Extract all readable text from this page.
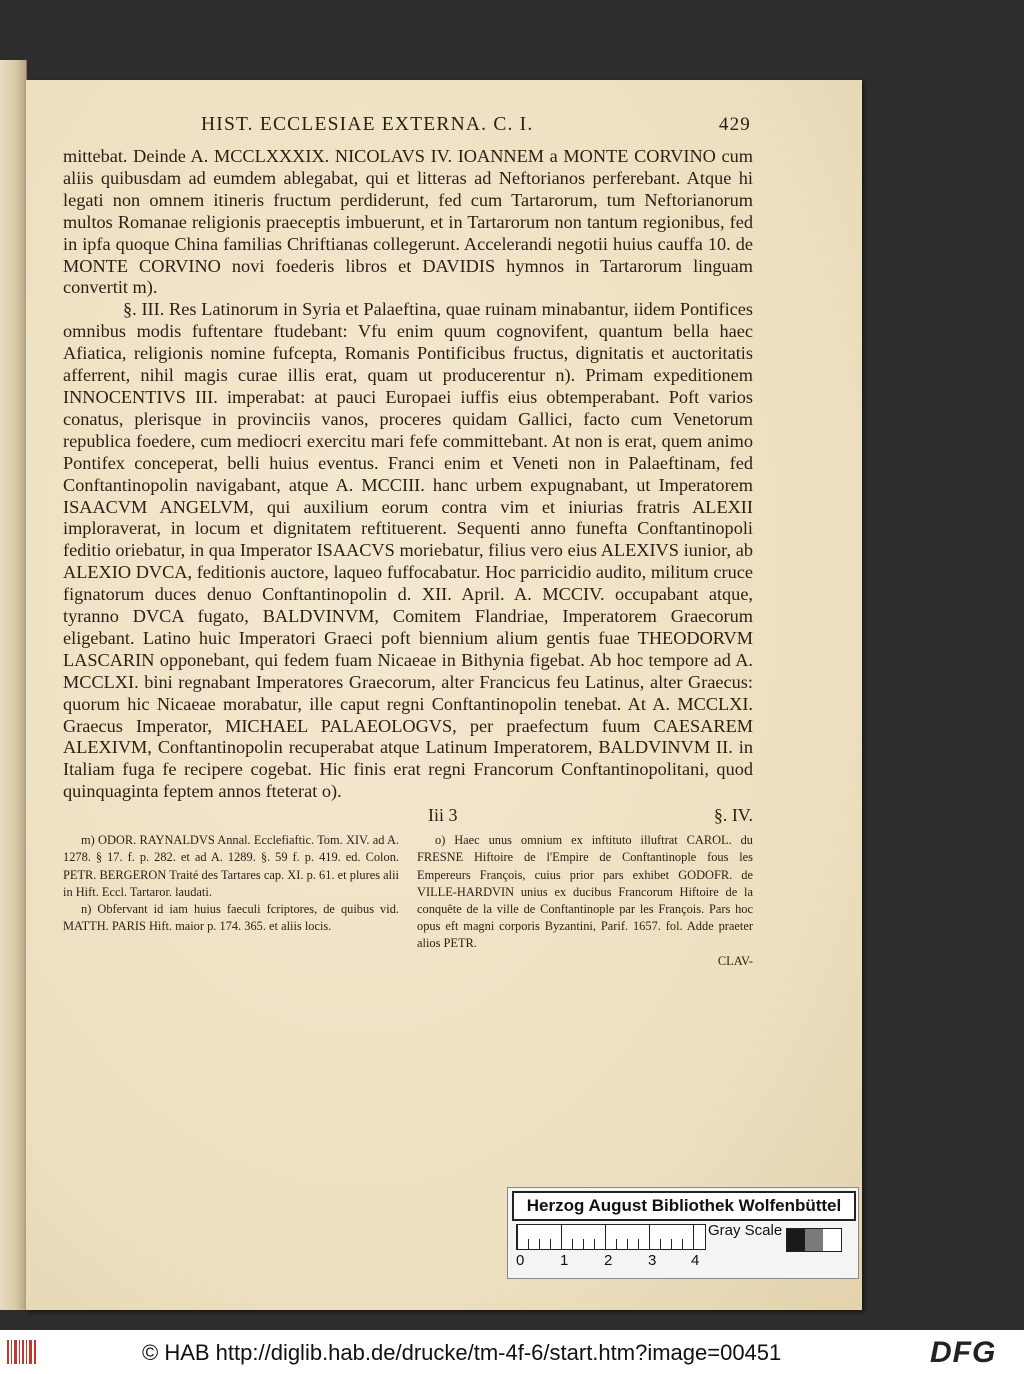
HIST. ECCLESIAE EXTERNA. C. I.	429

mittebat. Deinde A. MCCLXXXIX. NICOLAVS IV. IOANNEM a MONTE CORVINO cum aliis quibusdam ad eumdem ablegabat, qui et litteras ad Neftorianos perferebant. Atque hi legati non omnem itineris fructum perdiderunt, fed cum Tartarorum, tum Neftorianorum multos Romanae religionis praeceptis imbuerunt, et in Tartarorum non tantum regionibus, fed in ipfa quoque China familias Chriftianas collegerunt. Accelerandi negotii huius cauffa 10. de MONTE CORVINO novi foederis libros et DAVIDIS hymnos in Tartarorum linguam convertit m).

§. III. Res Latinorum in Syria et Palaeftina, quae ruinam minabantur, iidem Pontifices omnibus modis fuftentare ftudebant: Vfu enim quum cognovifent, quantum bella haec Afiatica, religionis nomine fufcepta, Romanis Pontificibus fructus, dignitatis et auctoritatis afferrent, nihil magis curae illis erat, quam ut producerentur n). Primam expeditionem INNOCENTIVS III. imperabat: at pauci Europaei iuffis eius obtemperabant. Poft varios conatus, plerisque in provinciis vanos, proceres quidam Gallici, facto cum Venetorum republica foedere, cum mediocri exercitu mari fefe committebant. At non is erat, quem animo Pontifex conceperat, belli huius eventus. Franci enim et Veneti non in Palaeftinam, fed Conftantinopolin navigabant, atque A. MCCIII. hanc urbem expugnabant, ut Imperatorem ISAACVM ANGELVM, qui auxilium eorum contra vim et iniurias fratris ALEXII imploraverat, in locum et dignitatem reftituerent. Sequenti anno funefta Conftantinopoli feditio oriebatur, in qua Imperator ISAACVS moriebatur, filius vero eius ALEXIVS iunior, ab ALEXIO DVCA, feditionis auctore, laqueo fuffocabatur. Hoc parricidio audito, militum cruce fignatorum duces denuo Conftantinopolin d. XII. April. A. MCCIV. occupabant atque, tyranno DVCA fugato, BALDVINVM, Comitem Flandriae, Imperatorem Graecorum eligebant. Latino huic Imperatori Graeci poft biennium alium gentis fuae THEODORVM LASCARIN opponebant, qui fedem fuam Nicaeae in Bithynia figebat. Ab hoc tempore ad A. MCCLXI. bini regnabant Imperatores Graecorum, alter Francicus feu Latinus, alter Graecus: quorum hic Nicaeae morabatur, ille caput regni Conftantinopolin tenebat. At A. MCCLXI. Graecus Imperator, MICHAEL PALAEOLOGVS, per praefectum fuum CAESAREM ALEXIVM, Conftantinopolin recuperabat atque Latinum Imperatorem, BALDVINVM II. in Italiam fuga fe recipere cogebat. Hic finis erat regni Francorum Conftantinopolitani, quod quinquaginta feptem annos fteterat o).

Iii 3	§. IV.

m) ODOR. RAYNALDVS Annal. Ecclefiaftic. Tom. XIV. ad A. 1278. § 17. f. p. 282. et ad A. 1289. §. 59 f. p. 419. ed. Colon. PETR. BERGERON Traité des Tartares cap. XI. p. 61. et plures alii in Hift. Eccl. Tartaror. laudati.

n) Obfervant id iam huius faeculi fcriptores, de quibus vid. MATTH. PARIS Hift. maior p. 174. 365. et aliis locis.

o) Haec unus omnium ex inftituto illuftrat CAROL. du FRESNE Hiftoire de l'Empire de Conftantinople fous les Empereurs François, cuius prior pars exhibet GODOFR. de VILLE-HARDVIN unius ex ducibus Francorum Hiftoire de la conquête de la ville de Conftantinople par les François. Pars hoc opus eft magni corporis Byzantini, Parif. 1657. fol. Adde praeter alios PETR.

CLAV-
Herzog August Bibliothek Wolfenbüttel
0 1 2 3 4
Gray Scale
© HAB http://diglib.hab.de/drucke/tm-4f-6/start.htm?image=00451	DFG
